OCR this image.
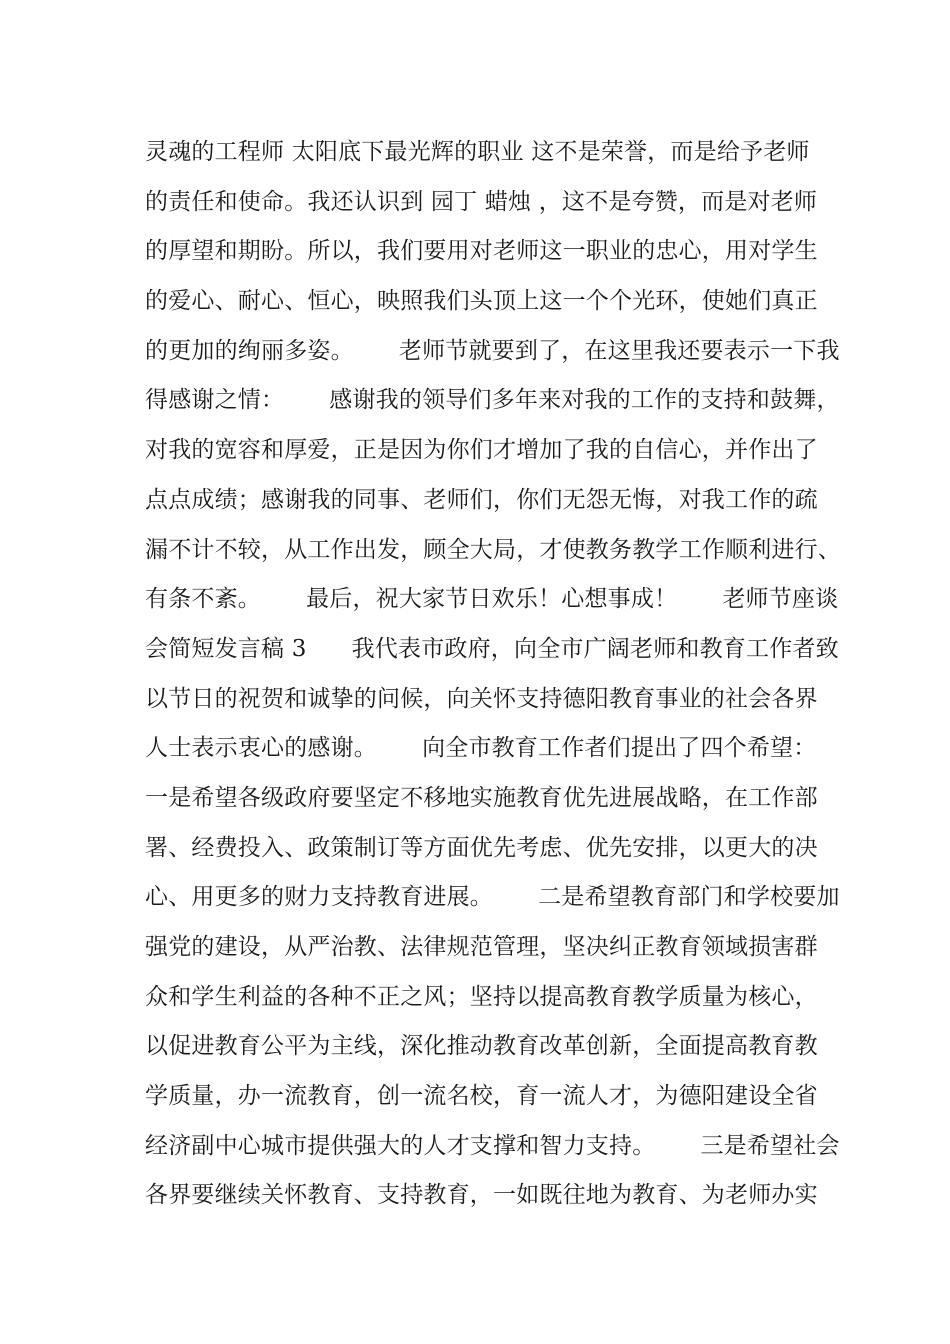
灵魂的工程师 太阳底下最光辉的职业 这不是荣誉，而是给予老师
的责任和使命。我还认识到 园丁 蜡烛 ，这不是夸赞，而是对老师
的厚望和期盼。所以，我们要用对老师这一职业的忠心，用对学生
的爱心、耐心、恒心，映照我们头顶上这一个个光环，使她们真正
的更加的绚丽多姿。      老师节就要到了，在这里我还要表示一下我
得感谢之情：      感谢我的领导们多年来对我的工作的支持和鼓舞，
对我的宽容和厚爱，正是因为你们才增加了我的自信心，并作出了
点点成绩；感谢我的同事、老师们，你们无怨无悔，对我工作的疏
漏不计不较，从工作出发，顾全大局，才使教务教学工作顺利进行、
有条不紊。      最后，祝大家节日欢乐！心想事成！      老师节座谈
会简短发言稿 3      我代表市政府，向全市广阔老师和教育工作者致
以节日的祝贺和诚挚的问候，向关怀支持德阳教育事业的社会各界
人士表示衷心的感谢。      向全市教育工作者们提出了四个希望：
一是希望各级政府要坚定不移地实施教育优先进展战略，在工作部
署、经费投入、政策制订等方面优先考虑、优先安排，以更大的决
心、用更多的财力支持教育进展。      二是希望教育部门和学校要加
强党的建设，从严治教、法律规范管理，坚决纠正教育领域损害群
众和学生利益的各种不正之风；坚持以提高教育教学质量为核心，
以促进教育公平为主线，深化推动教育改革创新，全面提高教育教
学质量，办一流教育，创一流名校，育一流人才，为德阳建设全省
经济副中心城市提供强大的人才支撑和智力支持。      三是希望社会
各界要继续关怀教育、支持教育，一如既往地为教育、为老师办实
